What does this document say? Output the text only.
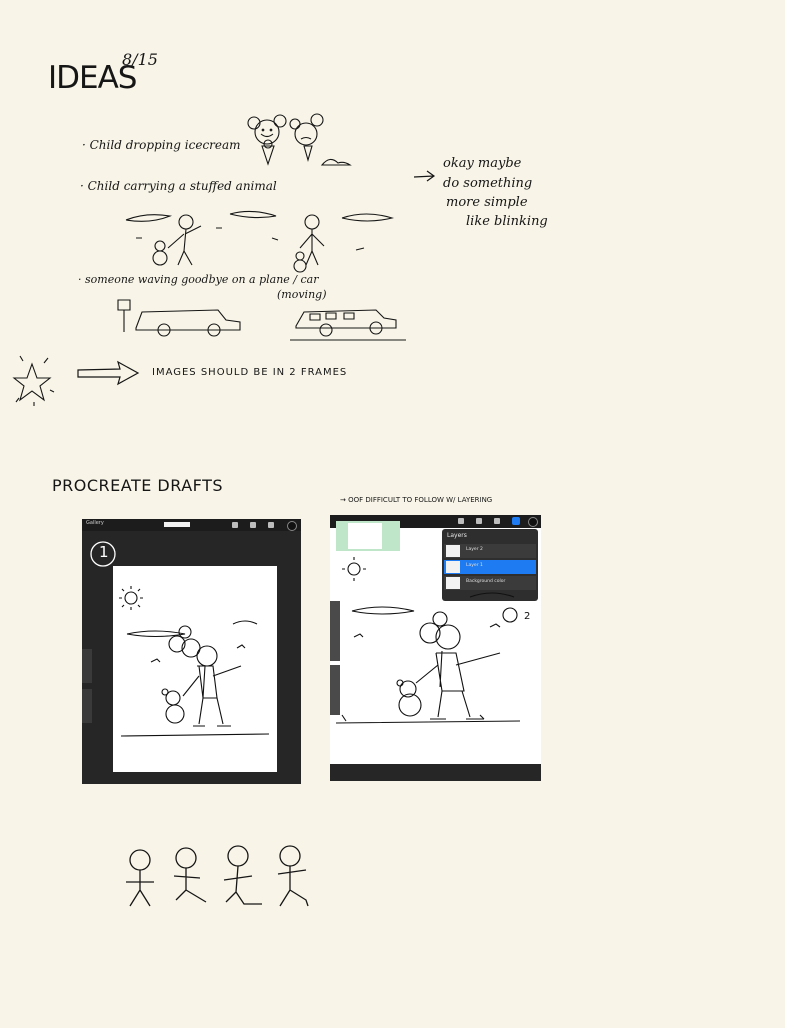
IDEAS
8/15
· Child dropping icecream
· Child carrying a stuffed animal
okay maybe
do something
more simple
like blinking
· someone waving goodbye on a plane / car
(moving)
IMAGES SHOULD BE IN 2 FRAMES
PROCREATE DRAFTS
→ OOF DIFFICULT TO FOLLOW W/ LAYERING
Gallery
1
Layers
Layer 2
Layer 1
Background color
2
